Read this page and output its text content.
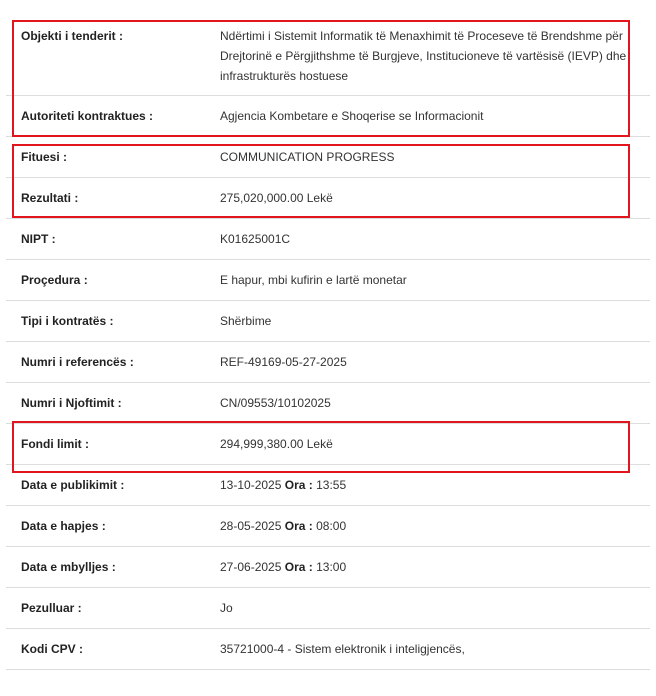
Objekti i tenderit :	Ndërtimi i Sistemit Informatik të Menaxhimit të Proceseve të Brendshme për Drejtorinë e Përgjithshme të Burgjeve, Institucioneve të vartësisë (IEVP) dhe infrastrukturës hostuese
Autoriteti kontraktues :	Agjencia Kombetare e Shoqerise se Informacionit
Fituesi :	COMMUNICATION PROGRESS
Rezultati :	275,020,000.00 Lekë
NIPT :	K01625001C
Proçedura :	E hapur, mbi kufirin e lartë monetar
Tipi i kontratës :	Shërbime
Numri i referencës :	REF-49169-05-27-2025
Numri i Njoftimit :	CN/09553/10102025
Fondi limit :	294,999,380.00 Lekë
Data e publikimit :	13-10-2025 Ora : 13:55
Data e hapjes :	28-05-2025 Ora : 08:00
Data e mbylljes :	27-06-2025 Ora : 13:00
Pezulluar :	Jo
Kodi CPV :	35721000-4 - Sistem elektronik i inteligjencës,
